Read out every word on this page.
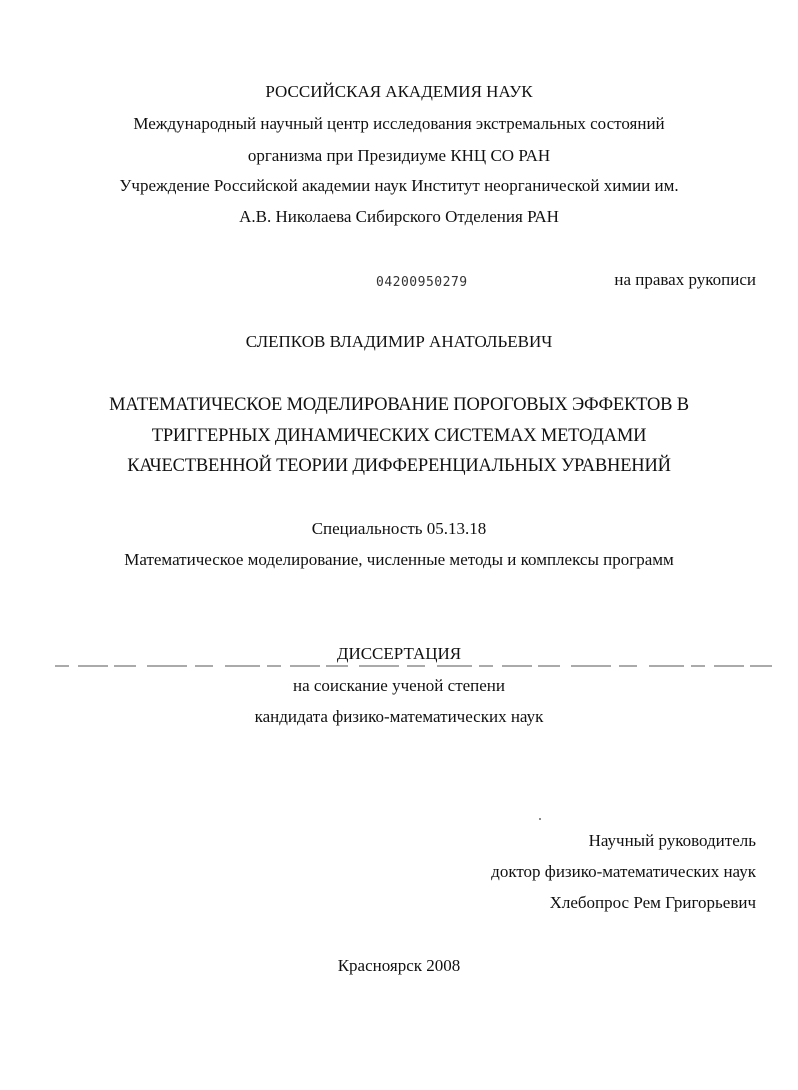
РОССИЙСКАЯ АКАДЕМИЯ НАУК
Международный научный центр исследования экстремальных состояний
организма при Президиуме КНЦ СО РАН
Учреждение Российской академии наук Институт неорганической химии им.
А.В. Николаева Сибирского Отделения РАН
04200950279	на правах рукописи
СЛЕПКОВ ВЛАДИМИР АНАТОЛЬЕВИЧ
МАТЕМАТИЧЕСКОЕ МОДЕЛИРОВАНИЕ ПОРОГОВЫХ ЭФФЕКТОВ В
ТРИГГЕРНЫХ ДИНАМИЧЕСКИХ СИСТЕМАХ МЕТОДАМИ
КАЧЕСТВЕННОЙ ТЕОРИИ ДИФФЕРЕНЦИАЛЬНЫХ УРАВНЕНИЙ
Специальность 05.13.18
Математическое моделирование, численные методы и комплексы программ
ДИССЕРТАЦИЯ
на соискание ученой степени
кандидата физико-математических наук
Научный руководитель
доктор физико-математических наук
Хлебопрос Рем Григорьевич
Красноярск 2008
